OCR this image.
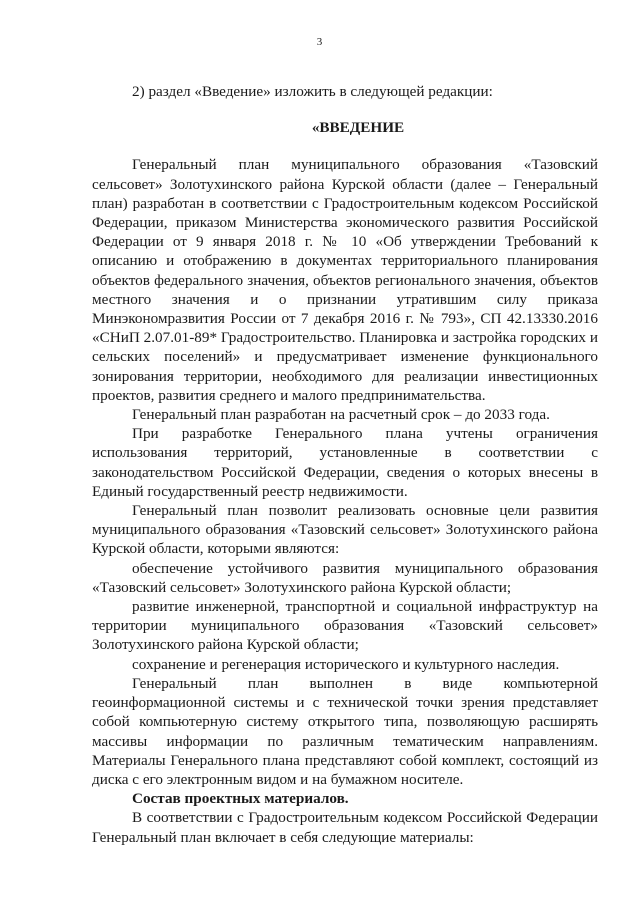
3

2) раздел «Введение» изложить в следующей редакции:

«ВВЕДЕНИЕ

Генеральный план муниципального образования «Тазовский сельсовет» Золотухинского района Курской области (далее – Генеральный план) разработан в соответствии с Градостроительным кодексом Российской Федерации, приказом Министерства экономического развития Российской Федерации от 9 января 2018 г. № 10 «Об утверждении Требований к описанию и отображению в документах территориального планирования объектов федерального значения, объектов регионального значения, объектов местного значения и о признании утратившим силу приказа Минэкономразвития России от 7 декабря 2016 г. № 793», СП 42.13330.2016 «СНиП 2.07.01-89* Градостроительство. Планировка и застройка городских и сельских поселений» и предусматривает изменение функционального зонирования территории, необходимого для реализации инвестиционных проектов, развития среднего и малого предпринимательства.

Генеральный план разработан на расчетный срок – до 2033 года.

При разработке Генерального плана учтены ограничения использования территорий, установленные в соответствии с законодательством Российской Федерации, сведения о которых внесены в Единый государственный реестр недвижимости.

Генеральный план позволит реализовать основные цели развития муниципального образования «Тазовский сельсовет» Золотухинского района Курской области, которыми являются:

обеспечение устойчивого развития муниципального образования «Тазовский сельсовет» Золотухинского района Курской области;

развитие инженерной, транспортной и социальной инфраструктур на территории муниципального образования «Тазовский сельсовет» Золотухинского района Курской области;

сохранение и регенерация исторического и культурного наследия.

Генеральный план выполнен в виде компьютерной геоинформационной системы и с технической точки зрения представляет собой компьютерную систему открытого типа, позволяющую расширять массивы информации по различным тематическим направлениям. Материалы Генерального плана представляют собой комплект, состоящий из диска с его электронным видом и на бумажном носителе.

Состав проектных материалов.

В соответствии с Градостроительным кодексом Российской Федерации Генеральный план включает в себя следующие материалы:
